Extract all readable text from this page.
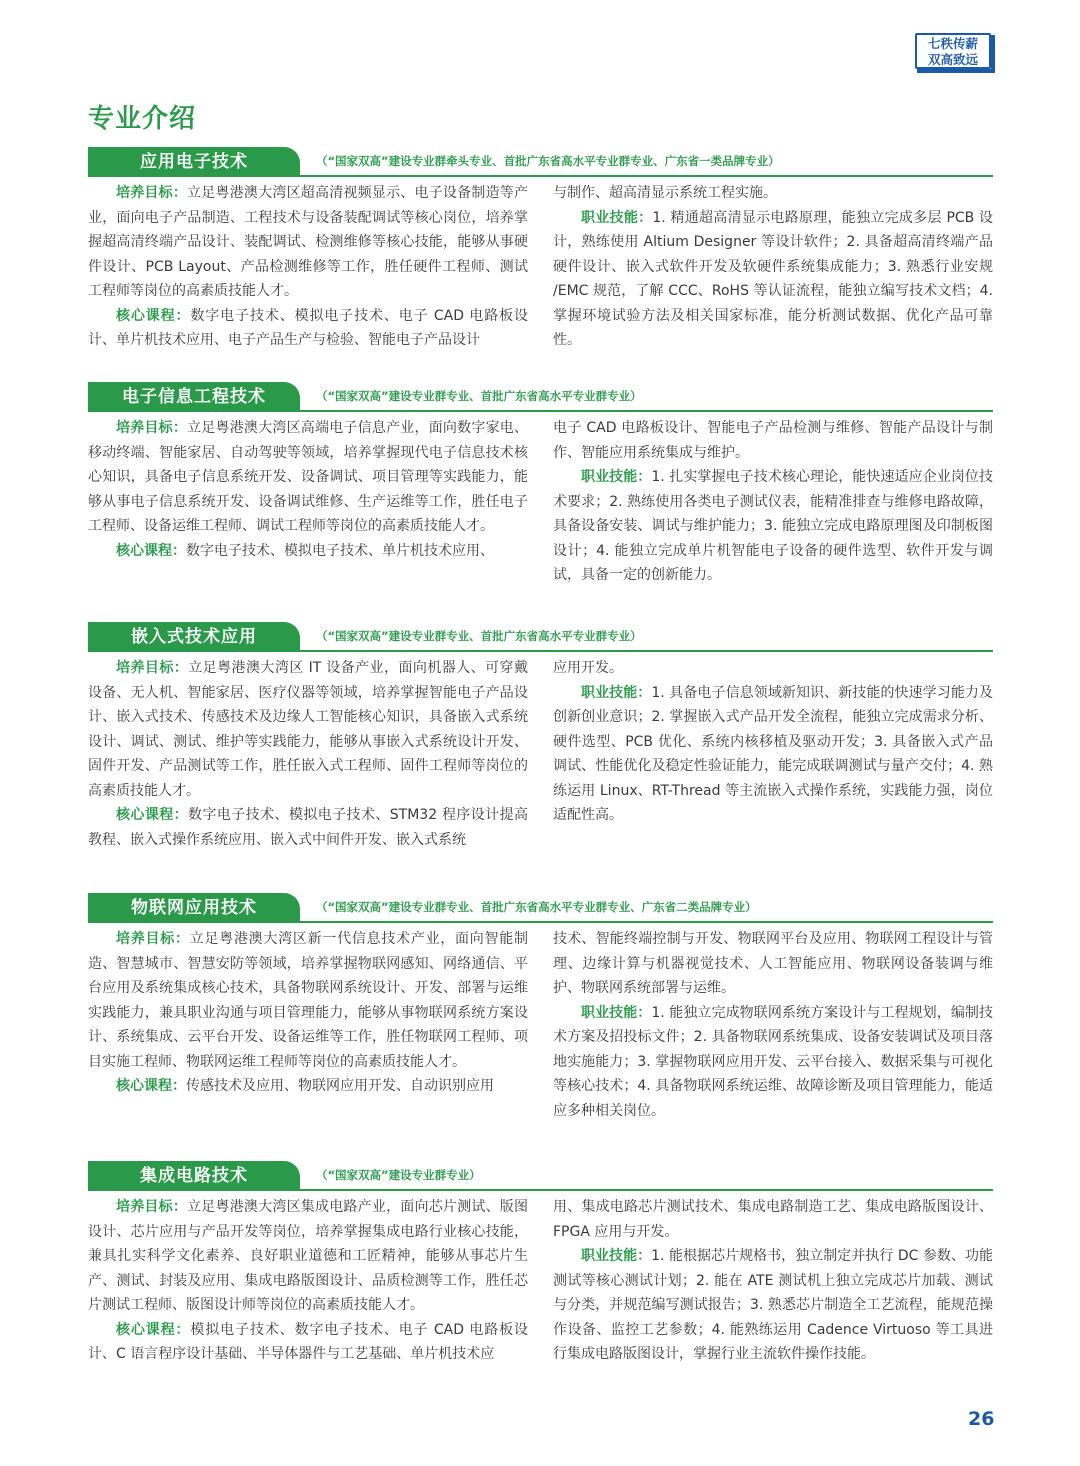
七秩传薪
双高致远
专业介绍
应用电子技术	（“国家双高”建设专业群牵头专业、首批广东省高水平专业群专业、广东省一类品牌专业）

培养目标：立足粤港澳大湾区超高清视频显示、电子设备制造等产业，面向电子产品制造、工程技术与设备装配调试等核心岗位，培养掌握超高清终端产品设计、装配调试、检测维修等核心技能，能够从事硬件设计、PCB Layout、产品检测维修等工作，胜任硬件工程师、测试工程师等岗位的高素质技能人才。

核心课程：数字电子技术、模拟电子技术、电子 CAD 电路板设计、单片机技术应用、电子产品生产与检验、智能电子产品设计

与制作、超高清显示系统工程实施。

职业技能：1. 精通超高清显示电路原理，能独立完成多层 PCB 设计，熟练使用 Altium Designer 等设计软件；2. 具备超高清终端产品硬件设计、嵌入式软件开发及软硬件系统集成能力；3. 熟悉行业安规 /EMC 规范，了解 CCC、RoHS 等认证流程，能独立编写技术文档；4. 掌握环境试验方法及相关国家标准，能分析测试数据、优化产品可靠性。

电子信息工程技术	（“国家双高”建设专业群专业、首批广东省高水平专业群专业）

培养目标：立足粤港澳大湾区高端电子信息产业，面向数字家电、移动终端、智能家居、自动驾驶等领域，培养掌握现代电子信息技术核心知识，具备电子信息系统开发、设备调试、项目管理等实践能力，能够从事电子信息系统开发、设备调试维修、生产运维等工作，胜任电子工程师、设备运维工程师、调试工程师等岗位的高素质技能人才。

核心课程：数字电子技术、模拟电子技术、单片机技术应用、

电子 CAD 电路板设计、智能电子产品检测与维修、智能产品设计与制作、智能应用系统集成与维护。

职业技能：1. 扎实掌握电子技术核心理论，能快速适应企业岗位技术要求；2. 熟练使用各类电子测试仪表，能精准排查与维修电路故障，具备设备安装、调试与维护能力；3. 能独立完成电路原理图及印制板图设计；4. 能独立完成单片机智能电子设备的硬件选型、软件开发与调试，具备一定的创新能力。

嵌入式技术应用	（“国家双高”建设专业群专业、首批广东省高水平专业群专业）

培养目标：立足粤港澳大湾区 IT 设备产业，面向机器人、可穿戴设备、无人机、智能家居、医疗仪器等领域，培养掌握智能电子产品设计、嵌入式技术、传感技术及边缘人工智能核心知识，具备嵌入式系统设计、调试、测试、维护等实践能力，能够从事嵌入式系统设计开发、固件开发、产品测试等工作，胜任嵌入式工程师、固件工程师等岗位的高素质技能人才。

核心课程：数字电子技术、模拟电子技术、STM32 程序设计提高教程、嵌入式操作系统应用、嵌入式中间件开发、嵌入式系统

应用开发。

职业技能：1. 具备电子信息领域新知识、新技能的快速学习能力及创新创业意识；2. 掌握嵌入式产品开发全流程，能独立完成需求分析、硬件选型、PCB 优化、系统内核移植及驱动开发；3. 具备嵌入式产品调试、性能优化及稳定性验证能力，能完成联调测试与量产交付；4. 熟练运用 Linux、RT-Thread 等主流嵌入式操作系统，实践能力强，岗位适配性高。

物联网应用技术	（“国家双高”建设专业群专业、首批广东省高水平专业群专业、广东省二类品牌专业）

培养目标：立足粤港澳大湾区新一代信息技术产业，面向智能制造、智慧城市、智慧安防等领域，培养掌握物联网感知、网络通信、平台应用及系统集成核心技术，具备物联网系统设计、开发、部署与运维实践能力，兼具职业沟通与项目管理能力，能够从事物联网系统方案设计、系统集成、云平台开发、设备运维等工作，胜任物联网工程师、项目实施工程师、物联网运维工程师等岗位的高素质技能人才。

核心课程：传感技术及应用、物联网应用开发、自动识别应用

技术、智能终端控制与开发、物联网平台及应用、物联网工程设计与管理、边缘计算与机器视觉技术、人工智能应用、物联网设备装调与维护、物联网系统部署与运维。

职业技能：1. 能独立完成物联网系统方案设计与工程规划，编制技术方案及招投标文件；2. 具备物联网系统集成、设备安装调试及项目落地实施能力；3. 掌握物联网应用开发、云平台接入、数据采集与可视化等核心技术；4. 具备物联网系统运维、故障诊断及项目管理能力，能适应多种相关岗位。

集成电路技术	（“国家双高”建设专业群专业）

培养目标：立足粤港澳大湾区集成电路产业，面向芯片测试、版图设计、芯片应用与产品开发等岗位，培养掌握集成电路行业核心技能，兼具扎实科学文化素养、良好职业道德和工匠精神，能够从事芯片生产、测试、封装及应用、集成电路版图设计、品质检测等工作，胜任芯片测试工程师、版图设计师等岗位的高素质技能人才。

核心课程：模拟电子技术、数字电子技术、电子 CAD 电路板设计、C 语言程序设计基础、半导体器件与工艺基础、单片机技术应

用、集成电路芯片测试技术、集成电路制造工艺、集成电路版图设计、FPGA 应用与开发。

职业技能：1. 能根据芯片规格书，独立制定并执行 DC 参数、功能测试等核心测试计划；2. 能在 ATE 测试机上独立完成芯片加载、测试与分类，并规范编写测试报告；3. 熟悉芯片制造全工艺流程，能规范操作设备、监控工艺参数；4. 能熟练运用 Cadence Virtuoso 等工具进行集成电路版图设计，掌握行业主流软件操作技能。

26
